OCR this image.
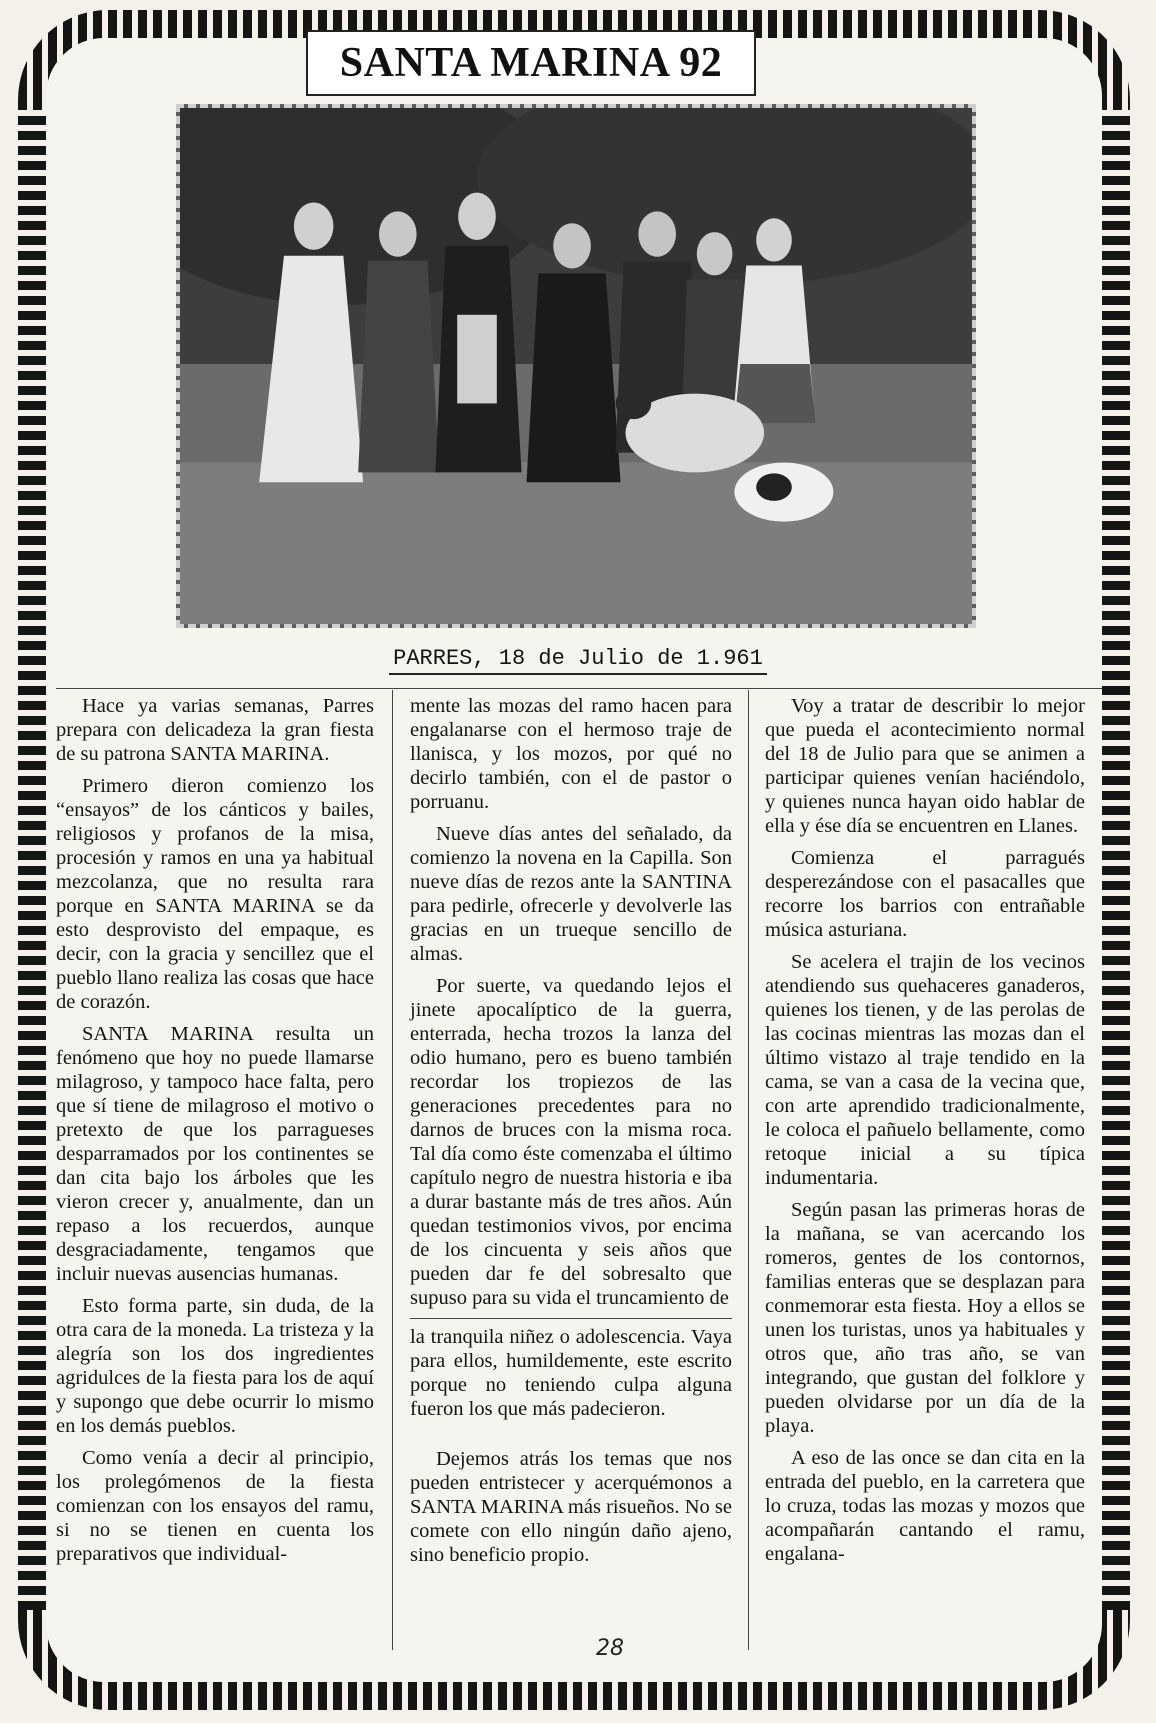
SANTA MARINA 92
PARRES, 18 de Julio de 1.961

Hace ya varias semanas, Parres prepara con delicadeza la gran fiesta de su patrona SANTA MARINA.

Primero dieron comienzo los “ensayos” de los cánticos y bailes, religiosos y profanos de la misa, procesión y ramos en una ya habitual mezcolanza, que no resulta rara porque en SANTA MARINA se da esto desprovisto del empaque, es decir, con la gracia y sencillez que el pueblo llano realiza las cosas que hace de corazón.

SANTA MARINA resulta un fenómeno que hoy no puede llamarse milagroso, y tampoco hace falta, pero que sí tiene de milagroso el motivo o pretexto de que los parragueses desparramados por los continentes se dan cita bajo los árboles que les vieron crecer y, anualmente, dan un repaso a los recuerdos, aunque desgraciadamente, tengamos que incluir nuevas ausencias humanas.

Esto forma parte, sin duda, de la otra cara de la moneda. La tristeza y la alegría son los dos ingredientes agridulces de la fiesta para los de aquí y supongo que debe ocurrir lo mismo en los demás pueblos.

Como venía a decir al principio, los prolegómenos de la fiesta comienzan con los ensayos del ramu, si no se tienen en cuenta los preparativos que individual-

mente las mozas del ramo hacen para engalanarse con el hermoso traje de llanisca, y los mozos, por qué no decirlo también, con el de pastor o porruanu.

Nueve días antes del señalado, da comienzo la novena en la Capilla. Son nueve días de rezos ante la SANTINA para pedirle, ofrecerle y devolverle las gracias en un trueque sencillo de almas.

Por suerte, va quedando lejos el jinete apocalíptico de la guerra, enterrada, hecha trozos la lanza del odio humano, pero es bueno también recordar los tropiezos de las generaciones precedentes para no darnos de bruces con la misma roca. Tal día como éste comenzaba el último capítulo negro de nuestra historia e iba a durar bastante más de tres años. Aún quedan testimonios vivos, por encima de los cincuenta y seis años que pueden dar fe del sobresalto que supuso para su vida el truncamiento de

la tranquila niñez o adolescencia. Vaya para ellos, humildemente, este escrito porque no teniendo culpa alguna fueron los que más padecieron.

Dejemos atrás los temas que nos pueden entristecer y acerquémonos a SANTA MARINA más risueños. No se comete con ello ningún daño ajeno, sino beneficio propio.

Voy a tratar de describir lo mejor que pueda el acontecimiento normal del 18 de Julio para que se animen a participar quienes venían haciéndolo, y quienes nunca hayan oido hablar de ella y ése día se encuentren en Llanes.

Comienza el parragués desperezándose con el pasacalles que recorre los barrios con entrañable música asturiana.

Se acelera el trajin de los vecinos atendiendo sus quehaceres ganaderos, quienes los tienen, y de las perolas de las cocinas mientras las mozas dan el último vistazo al traje tendido en la cama, se van a casa de la vecina que, con arte aprendido tradicionalmente, le coloca el pañuelo bellamente, como retoque inicial a su típica indumentaria.

Según pasan las primeras horas de la mañana, se van acercando los romeros, gentes de los contornos, familias enteras que se desplazan para conmemorar esta fiesta. Hoy a ellos se unen los turistas, unos ya habituales y otros que, año tras año, se van integrando, que gustan del folklore y pueden olvidarse por un día de la playa.

A eso de las once se dan cita en la entrada del pueblo, en la carretera que lo cruza, todas las mozas y mozos que acompañarán cantando el ramu, engalana-

28
